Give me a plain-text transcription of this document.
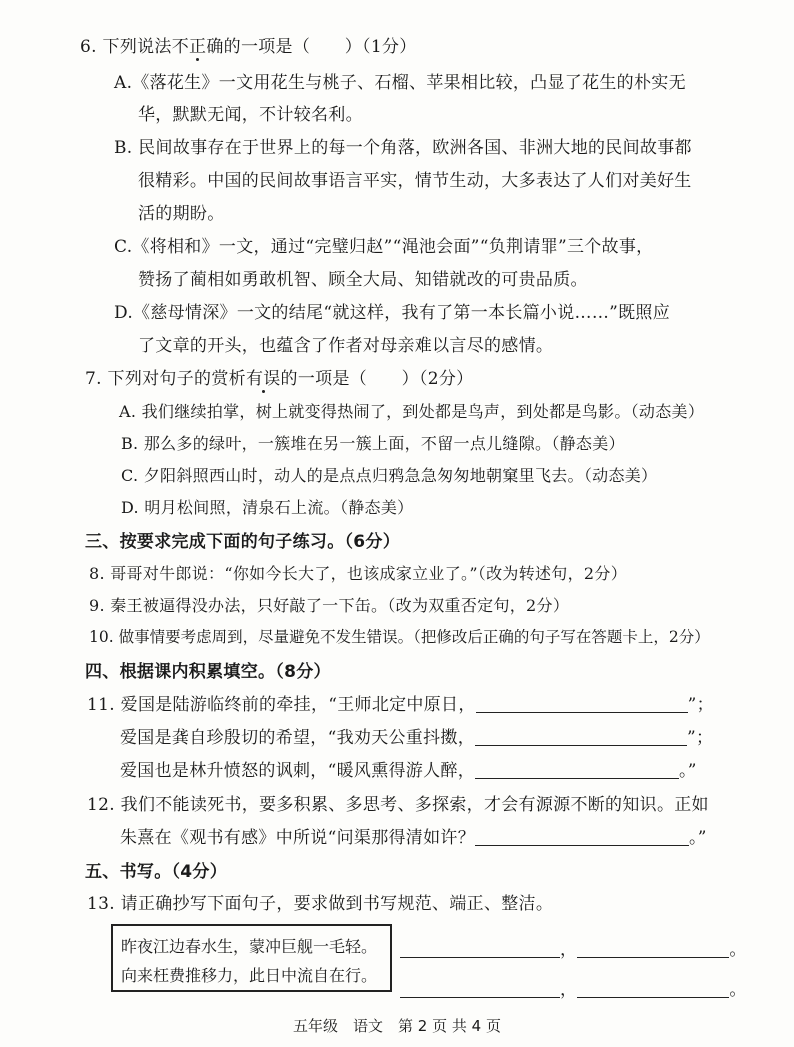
6. 下列说法不正确的一项是（　　）（1分）
A.《落花生》一文用花生与桃子、石榴、苹果相比较，凸显了花生的朴实无
华，默默无闻，不计较名利。
B. 民间故事存在于世界上的每一个角落，欧洲各国、非洲大地的民间故事都
很精彩。中国的民间故事语言平实，情节生动，大多表达了人们对美好生
活的期盼。
C.《将相和》一文，通过“完璧归赵”“渑池会面”“负荆请罪”三个故事，
赞扬了蔺相如勇敢机智、顾全大局、知错就改的可贵品质。
D.《慈母情深》一文的结尾“就这样，我有了第一本长篇小说……”既照应
了文章的开头，也蕴含了作者对母亲难以言尽的感情。
7. 下列对句子的赏析有误的一项是（　　）（2分）
A. 我们继续拍掌，树上就变得热闹了，到处都是鸟声，到处都是鸟影。（动态美）
B. 那么多的绿叶，一簇堆在另一簇上面，不留一点儿缝隙。（静态美）
C. 夕阳斜照西山时，动人的是点点归鸦急急匆匆地朝窠里飞去。（动态美）
D. 明月松间照，清泉石上流。（静态美）
三、按要求完成下面的句子练习。（6分）
8. 哥哥对牛郎说：“你如今长大了，也该成家立业了。”（改为转述句，2分）
9. 秦王被逼得没办法，只好敲了一下缶。（改为双重否定句，2分）
10. 做事情要考虑周到，尽量避免不发生错误。（把修改后正确的句子写在答题卡上，2分）
四、根据课内积累填空。（8分）
11. 爱国是陆游临终前的牵挂，“王师北定中原日，	”；
爱国是龚自珍殷切的希望，“我劝天公重抖擞，	”；
爱国也是林升愤怒的讽刺，“暖风熏得游人醉，	。”
12. 我们不能读死书，要多积累、多思考、多探索，才会有源源不断的知识。正如
朱熹在《观书有感》中所说“问渠那得清如许？	。”
五、书写。（4分）
13. 请正确抄写下面句子，要求做到书写规范、端正、整洁。
昨夜江边春水生，蒙冲巨舰一毛轻。
向来枉费推移力，此日中流自在行。
，	。
，	。
五年级　语文　第 2 页 共 4 页
